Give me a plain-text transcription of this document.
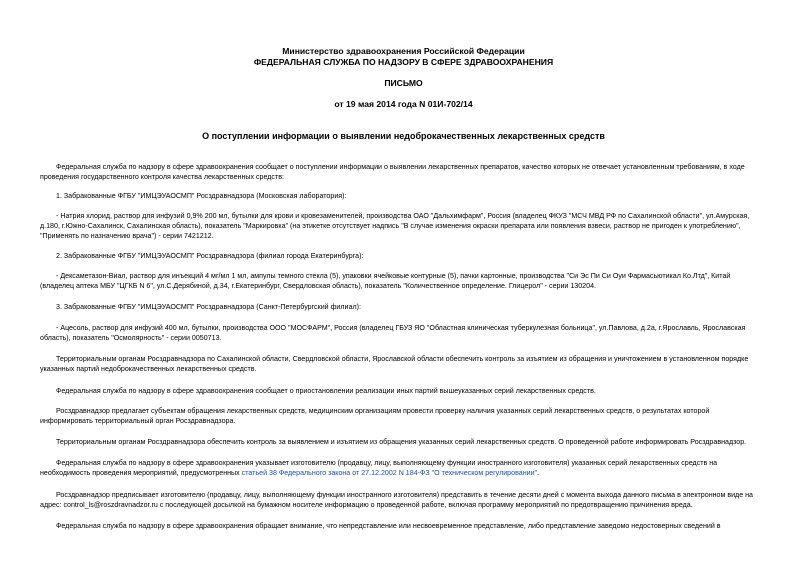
Министерство здравоохранения Российской Федерации
ФЕДЕРАЛЬНАЯ СЛУЖБА ПО НАДЗОРУ В СФЕРЕ ЗДРАВООХРАНЕНИЯ
ПИСЬМО
от 19 мая 2014 года N 01И-702/14
О поступлении информации о выявлении недоброкачественных лекарственных средств
Федеральная служба по надзору в сфере здравоохранения сообщает о поступлении информации о выявлении лекарственных препаратов, качество которых не отвечает установленным требованиям, в ходе
проведения государственного контроля качества лекарственных средств:
1. Забракованные ФГБУ "ИМЦЭУАОСМП" Росздравнадзора (Московская лаборатория):
- Натрия хлорид, раствор для инфузий 0,9% 200 мл, бутылки для крови и кровезаменителей, производства ОАО "Дальхимфарм", Россия (владелец ФКУЗ "МСЧ МВД РФ по Сахалинской области", ул.Амурская,
д.180, г.Южно-Сахалинск, Сахалинская область), показатель "Маркировка" (на этикетке отсутствует надпись "В случае изменения окраски препарата или появления взвеси, раствор не пригоден к употреблению",
"Применять по назначению врача") - серии 7421212.
2. Забракованные ФГБУ "ИМЦЭУАОСМП" Росздравнадзора (филиал города Екатеринбурга):
- Дексаметазон-Виал, раствор для инъекций 4 мг/мл 1 мл, ампулы темного стекла (5), упаковки ячейковые контурные (5), пачки картонные, производства "Си Эс Пи Си Оуи Фармасьютикал Ко.Лтд", Китай
(владелец аптека МБУ "ЦГКБ N 6", ул.С.Дерябиной, д.34, г.Екатеринбург, Свердловская область), показатель "Количественное определение. Глицерол" - серии 130204.
3. Забракованные ФГБУ "ИМЦЭУАОСМП" Росздравнадзора (Санкт-Петербургский филиал):
- Ацесоль, раствор для инфузий 400 мл, бутылки, производства ООО "МОСФАРМ", Россия (владелец ГБУЗ ЯО "Областная клиническая туберкулезная больница", ул.Павлова, д.2а, г.Ярославль, Ярославская
область), показатель "Осмолярность" - серии 0050713.
Территориальным органам Росздравнадзора по Сахалинской области, Свердловской области, Ярославской области обеспечить контроль за изъятием из обращения и уничтожением в установленном порядке
указанных партий недоброкачественных лекарственных средств.
Федеральная служба по надзору в сфере здравоохранения сообщает о приостановлении реализации иных партий вышеуказанных серий лекарственных средств.
Росздравнадзор предлагает субъектам обращения лекарственных средств, медицинским организациям провести проверку наличия указанных серий лекарственных средств, о результатах которой
информировать территориальный орган Росздравнадзора.
Территориальным органам Росздравнадзора обеспечить контроль за выявлением и изъятием из обращения указанных серий лекарственных средств. О проведенной работе информировать Росздравнадзор.
Федеральная служба по надзору в сфере здравоохранения указывает изготовителю (продавцу, лицу, выполняющему функции иностранного изготовителя) указанных серий лекарственных средств на
необходимость проведения мероприятий, предусмотренных статьей 38 Федерального закона от 27.12.2002 N 184-ФЗ "О техническом регулировании".
Росздравнадзор предписывает изготовителю (продавцу, лицу, выполняющему функции иностранного изготовителя) представить в течение десяти дней с момента выхода данного письма в электронном виде на
адрес: control_ls@roszdravnadzor.ru с последующей досылкой на бумажном носителе информацию о проведенной работе, включая программу мероприятий по предотвращению причинения вреда.
Федеральная служба по надзору в сфере здравоохранения обращает внимание, что непредставление или несвоевременное представление, либо представление заведомо недостоверных сведений в
